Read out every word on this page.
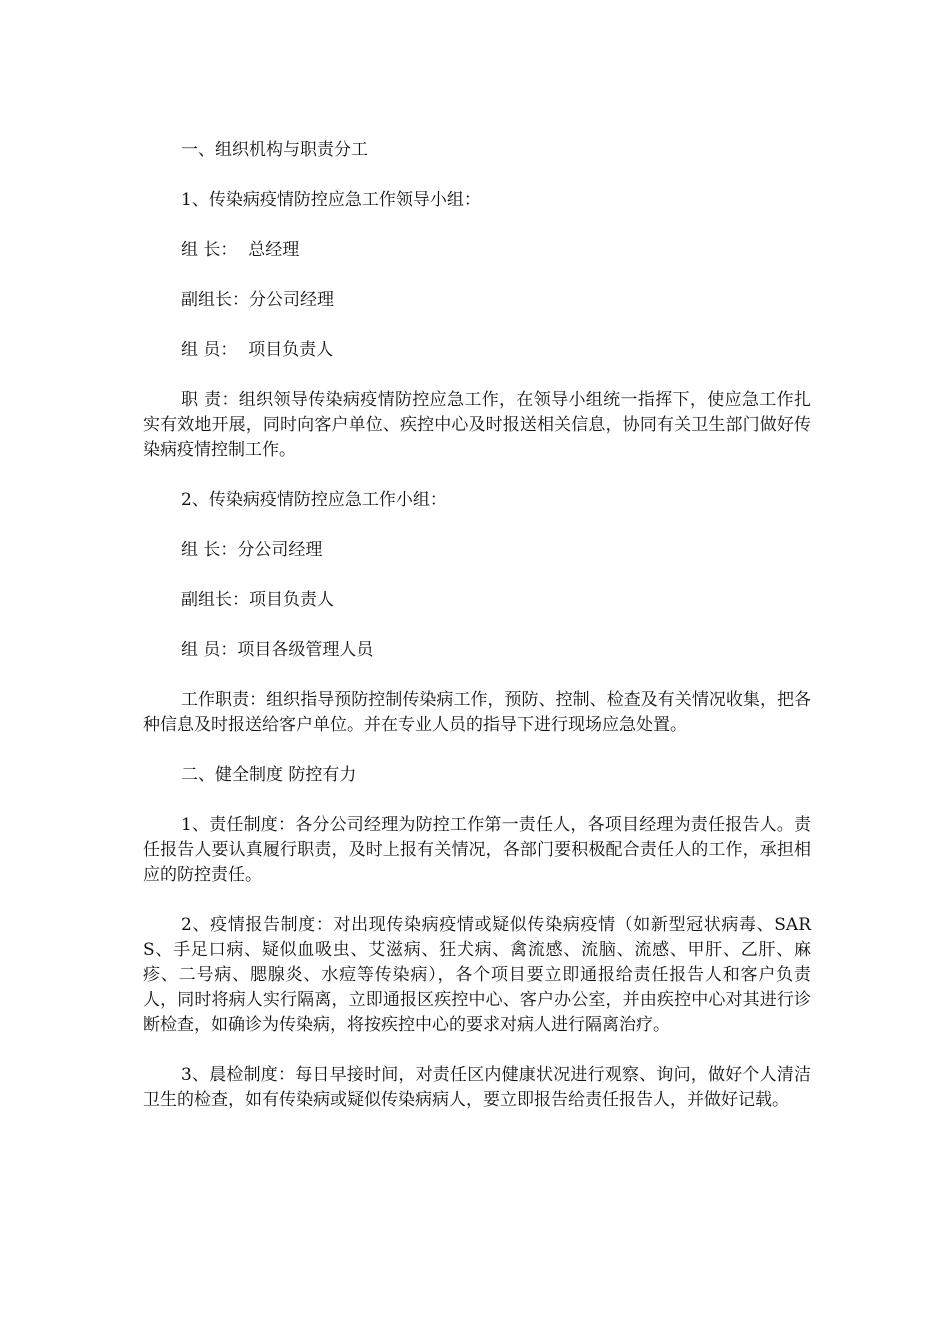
一、组织机构与职责分工

1、传染病疫情防控应急工作领导小组：

组 长：  总经理

副组长：分公司经理

组 员：  项目负责人

职 责：组织领导传染病疫情防控应急工作，在领导小组统一指挥下，使应急工作扎实有效地开展，同时向客户单位、疾控中心及时报送相关信息，协同有关卫生部门做好传染病疫情控制工作。

2、传染病疫情防控应急工作小组：

组 长：分公司经理

副组长：项目负责人

组 员：项目各级管理人员

工作职责：组织指导预防控制传染病工作，预防、控制、检查及有关情况收集，把各种信息及时报送给客户单位。并在专业人员的指导下进行现场应急处置。

二、健全制度 防控有力

1、责任制度：各分公司经理为防控工作第一责任人，各项目经理为责任报告人。责任报告人要认真履行职责，及时上报有关情况，各部门要积极配合责任人的工作，承担相应的防控责任。

2、疫情报告制度：对出现传染病疫情或疑似传染病疫情（如新型冠状病毒、SARS、手足口病、疑似血吸虫、艾滋病、狂犬病、禽流感、流脑、流感、甲肝、乙肝、麻疹、二号病、腮腺炎、水痘等传染病），各个项目要立即通报给责任报告人和客户负责人，同时将病人实行隔离，立即通报区疾控中心、客户办公室，并由疾控中心对其进行诊断检查，如确诊为传染病，将按疾控中心的要求对病人进行隔离治疗。

3、晨检制度：每日早接时间，对责任区内健康状况进行观察、询问，做好个人清洁卫生的检查，如有传染病或疑似传染病病人，要立即报告给责任报告人，并做好记载。
